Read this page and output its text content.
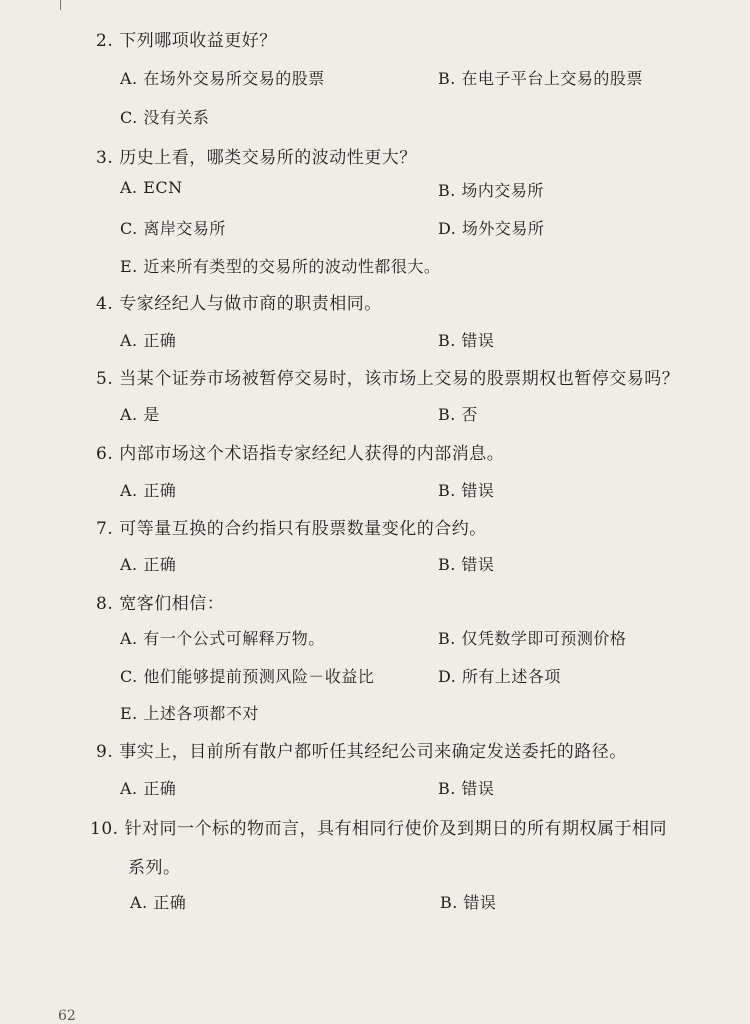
2. 下列哪项收益更好？
A. 在场外交易所交易的股票	B. 在电子平台上交易的股票
C. 没有关系
3. 历史上看，哪类交易所的波动性更大？
A. ECN	B. 场内交易所
C. 离岸交易所	D. 场外交易所
E. 近来所有类型的交易所的波动性都很大。
4. 专家经纪人与做市商的职责相同。
A. 正确	B. 错误
5. 当某个证券市场被暂停交易时，该市场上交易的股票期权也暂停交易吗？
A. 是	B. 否
6. 内部市场这个术语指专家经纪人获得的内部消息。
A. 正确	B. 错误
7. 可等量互换的合约指只有股票数量变化的合约。
A. 正确	B. 错误
8. 宽客们相信：
A. 有一个公式可解释万物。	B. 仅凭数学即可预测价格
C. 他们能够提前预测风险－收益比	D. 所有上述各项
E. 上述各项都不对
9. 事实上，目前所有散户都听任其经纪公司来确定发送委托的路径。
A. 正确	B. 错误
10. 针对同一个标的物而言，具有相同行使价及到期日的所有期权属于相同
系列。
A. 正确	B. 错误
62
